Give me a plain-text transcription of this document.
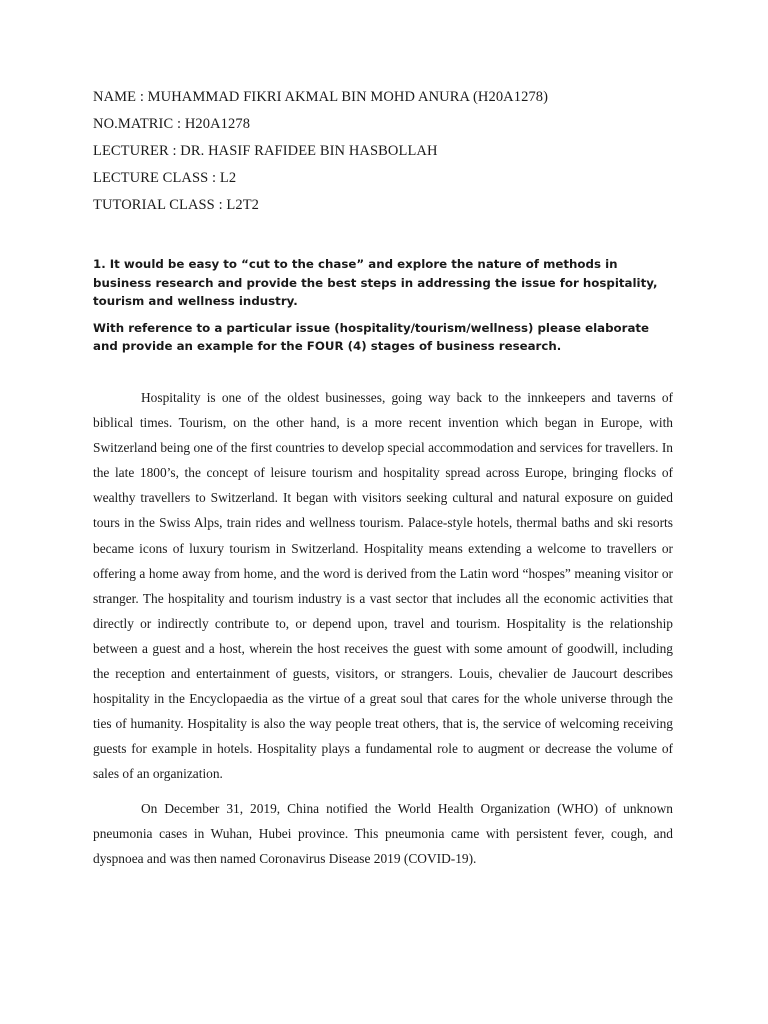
NAME : MUHAMMAD FIKRI AKMAL BIN MOHD ANURA (H20A1278)
NO.MATRIC : H20A1278
LECTURER : DR. HASIF RAFIDEE BIN HASBOLLAH
LECTURE CLASS : L2
TUTORIAL CLASS : L2T2

1. It would be easy to “cut to the chase” and explore the nature of methods in business research and provide the best steps in addressing the issue for hospitality, tourism and wellness industry.

With reference to a particular issue (hospitality/tourism/wellness) please elaborate and provide an example for the FOUR (4) stages of business research.

Hospitality is one of the oldest businesses, going way back to the innkeepers and taverns of biblical times. Tourism, on the other hand, is a more recent invention which began in Europe, with Switzerland being one of the first countries to develop special accommodation and services for travellers. In the late 1800’s, the concept of leisure tourism and hospitality spread across Europe, bringing flocks of wealthy travellers to Switzerland. It began with visitors seeking cultural and natural exposure on guided tours in the Swiss Alps, train rides and wellness tourism. Palace-style hotels, thermal baths and ski resorts became icons of luxury tourism in Switzerland. Hospitality means extending a welcome to travellers or offering a home away from home, and the word is derived from the Latin word “hospes” meaning visitor or stranger. The hospitality and tourism industry is a vast sector that includes all the economic activities that directly or indirectly contribute to, or depend upon, travel and tourism. Hospitality is the relationship between a guest and a host, wherein the host receives the guest with some amount of goodwill, including the reception and entertainment of guests, visitors, or strangers. Louis, chevalier de Jaucourt describes hospitality in the Encyclopaedia as the virtue of a great soul that cares for the whole universe through the ties of humanity. Hospitality is also the way people treat others, that is, the service of welcoming receiving guests for example in hotels. Hospitality plays a fundamental role to augment or decrease the volume of sales of an organization.

On December 31, 2019, China notified the World Health Organization (WHO) of unknown pneumonia cases in Wuhan, Hubei province. This pneumonia came with persistent fever, cough, and dyspnoea and was then named Coronavirus Disease 2019 (COVID-19).
